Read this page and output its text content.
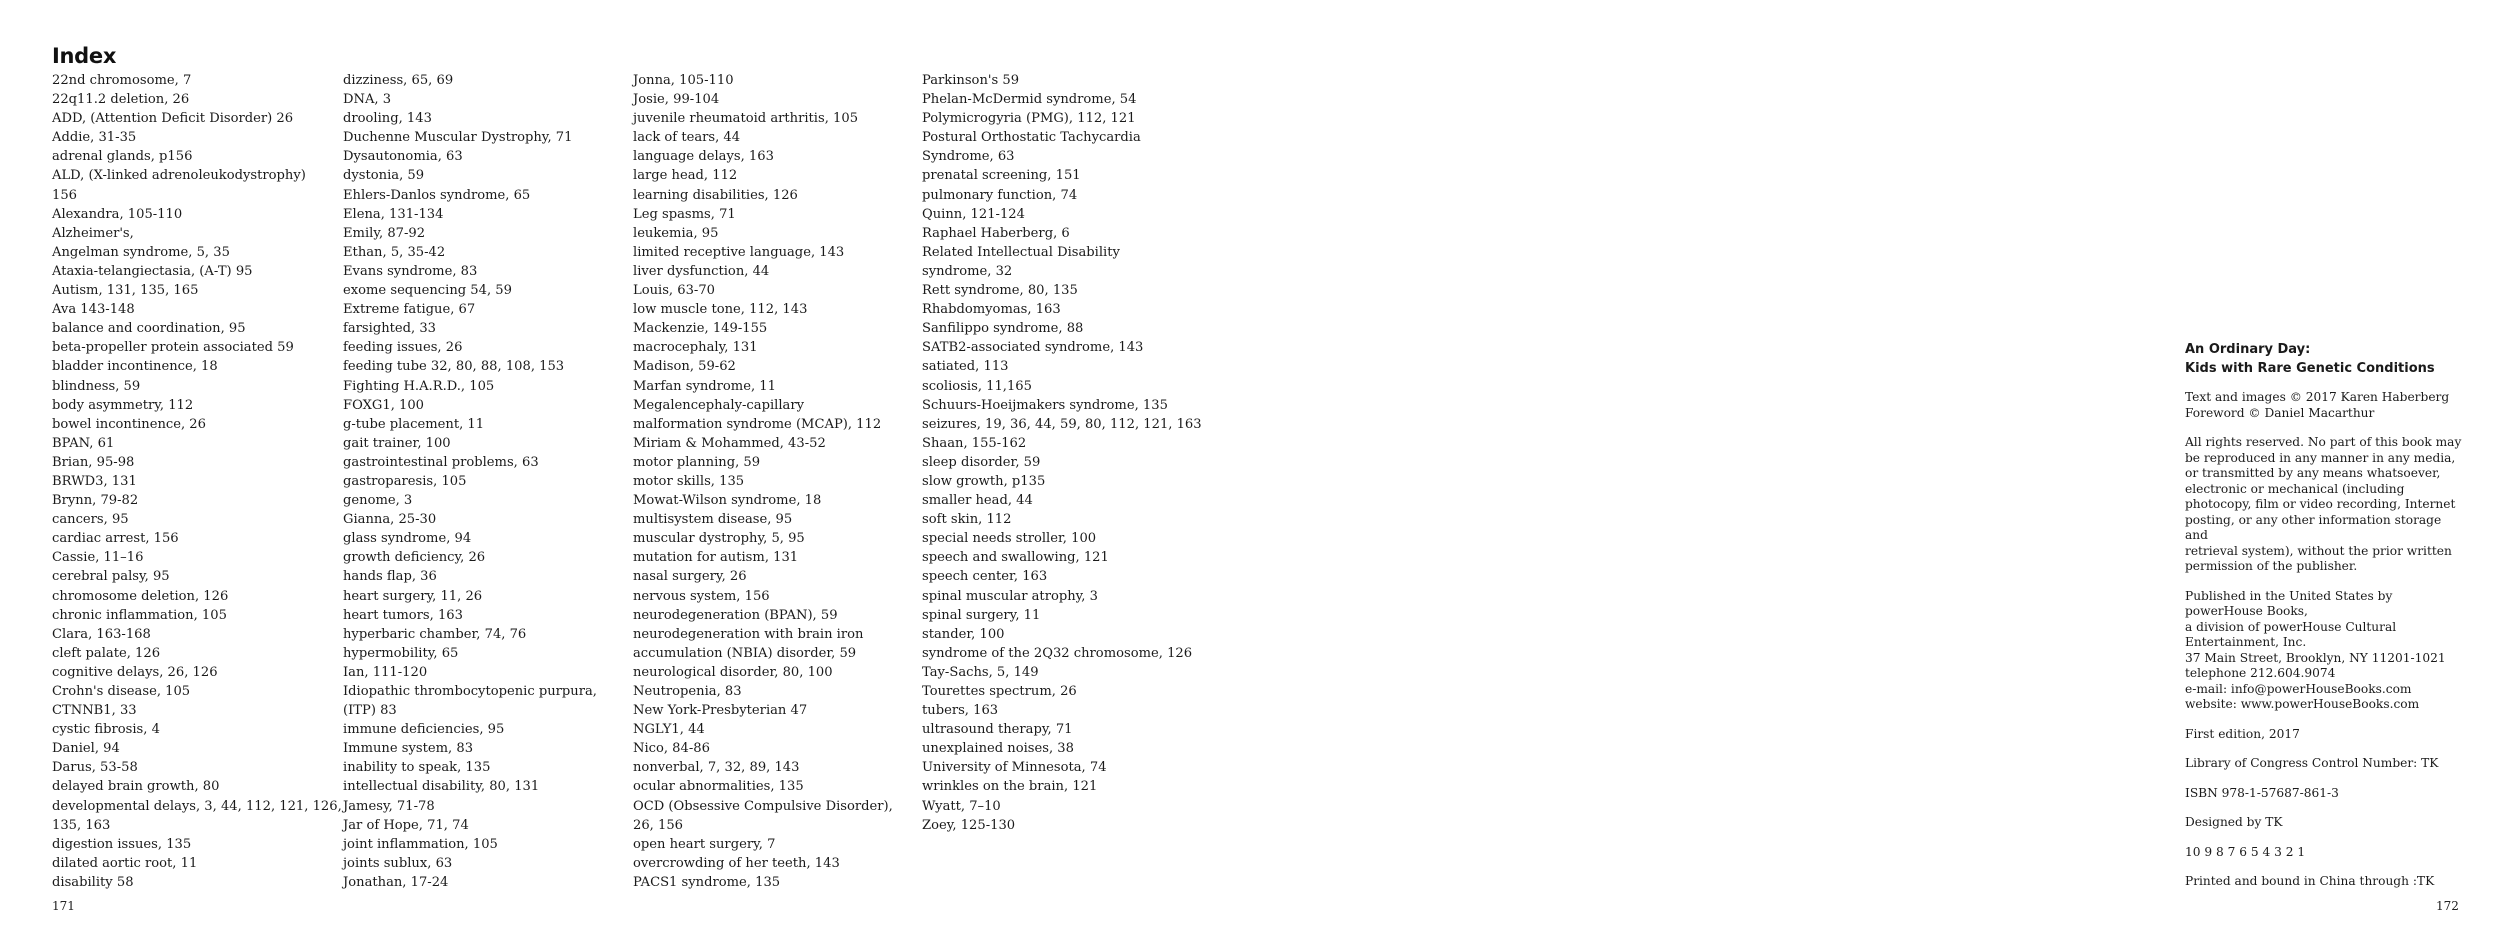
Index
22nd chromosome, 7
22q11.2 deletion, 26
ADD, (Attention Deficit Disorder) 26
Addie, 31-35
adrenal glands, p156
ALD, (X-linked adrenoleukodystrophy)
156
Alexandra, 105-110
Alzheimer's,
Angelman syndrome, 5, 35
Ataxia-telangiectasia, (A-T) 95
Autism, 131, 135, 165
Ava 143-148
balance and coordination, 95
beta-propeller protein associated 59
bladder incontinence, 18
blindness, 59
body asymmetry, 112
bowel incontinence, 26
BPAN, 61
Brian, 95-98
BRWD3, 131
Brynn, 79-82
cancers, 95
cardiac arrest, 156
Cassie, 11–16
cerebral palsy, 95
chromosome deletion, 126
chronic inflammation, 105
Clara, 163-168
cleft palate, 126
cognitive delays, 26, 126
Crohn's disease, 105
CTNNB1, 33
cystic fibrosis, 4
Daniel, 94
Darus, 53-58
delayed brain growth, 80
developmental delays, 3, 44, 112, 121, 126,
135, 163
digestion issues, 135
dilated aortic root, 11
disability 58
dizziness, 65, 69
DNA, 3
drooling, 143
Duchenne Muscular Dystrophy, 71
Dysautonomia, 63
dystonia, 59
Ehlers-Danlos syndrome, 65
Elena, 131-134
Emily, 87-92
Ethan, 5, 35-42
Evans syndrome, 83
exome sequencing 54, 59
Extreme fatigue, 67
farsighted, 33
feeding issues, 26
feeding tube 32, 80, 88, 108, 153
Fighting H.A.R.D., 105
FOXG1, 100
g-tube placement, 11
gait trainer, 100
gastrointestinal problems, 63
gastroparesis, 105
genome, 3
Gianna, 25-30
glass syndrome, 94
growth deficiency, 26
hands flap, 36
heart surgery, 11, 26
heart tumors, 163
hyperbaric chamber, 74, 76
hypermobility, 65
Ian, 111-120
Idiopathic thrombocytopenic purpura,
(ITP) 83
immune deficiencies, 95
Immune system, 83
inability to speak, 135
intellectual disability, 80, 131
Jamesy, 71-78
Jar of Hope, 71, 74
joint inflammation, 105
joints sublux, 63
Jonathan, 17-24
Jonna, 105-110
Josie, 99-104
juvenile rheumatoid arthritis, 105
lack of tears, 44
language delays, 163
large head, 112
learning disabilities, 126
Leg spasms, 71
leukemia, 95
limited receptive language, 143
liver dysfunction, 44
Louis, 63-70
low muscle tone, 112, 143
Mackenzie, 149-155
macrocephaly, 131
Madison, 59-62
Marfan syndrome, 11
Megalencephaly-capillary
malformation syndrome (MCAP), 112
Miriam & Mohammed, 43-52
motor planning, 59
motor skills, 135
Mowat-Wilson syndrome, 18
multisystem disease, 95
muscular dystrophy, 5, 95
mutation for autism, 131
nasal surgery, 26
nervous system, 156
neurodegeneration (BPAN), 59
neurodegeneration with brain iron
accumulation (NBIA) disorder, 59
neurological disorder, 80, 100
Neutropenia, 83
New York-Presbyterian 47
NGLY1, 44
Nico, 84-86
nonverbal, 7, 32, 89, 143
ocular abnormalities, 135
OCD (Obsessive Compulsive Disorder),
26, 156
open heart surgery, 7
overcrowding of her teeth, 143
PACS1 syndrome, 135
Parkinson's 59
Phelan-McDermid syndrome, 54
Polymicrogyria (PMG), 112, 121
Postural Orthostatic Tachycardia
Syndrome, 63
prenatal screening, 151
pulmonary function, 74
Quinn, 121-124
Raphael Haberberg, 6
Related Intellectual Disability
syndrome, 32
Rett syndrome, 80, 135
Rhabdomyomas, 163
Sanfilippo syndrome, 88
SATB2-associated syndrome, 143
satiated, 113
scoliosis, 11,165
Schuurs-Hoeijmakers syndrome, 135
seizures, 19, 36, 44, 59, 80, 112, 121, 163
Shaan, 155-162
sleep disorder, 59
slow growth, p135
smaller head, 44
soft skin, 112
special needs stroller, 100
speech and swallowing, 121
speech center, 163
spinal muscular atrophy, 3
spinal surgery, 11
stander, 100
syndrome of the 2Q32 chromosome, 126
Tay-Sachs, 5, 149
Tourettes spectrum, 26
tubers, 163
ultrasound therapy, 71
unexplained noises, 38
University of Minnesota, 74
wrinkles on the brain, 121
Wyatt, 7–10
Zoey, 125-130
171
An Ordinary Day:
Kids with Rare Genetic Conditions

Text and images © 2017 Karen Haberberg
Foreword © Daniel Macarthur

All rights reserved. No part of this book may
be reproduced in any manner in any media,
or transmitted by any means whatsoever,
electronic or mechanical (including
photocopy, film or video recording, Internet
posting, or any other information storage and
retrieval system), without the prior written
permission of the publisher.

Published in the United States by
powerHouse Books,
a division of powerHouse Cultural
Entertainment, Inc.
37 Main Street, Brooklyn, NY 11201-1021
telephone 212.604.9074
e-mail: info@powerHouseBooks.com
website: www.powerHouseBooks.com

First edition, 2017

Library of Congress Control Number: TK

ISBN 978-1-57687-861-3

Designed by TK

10 9 8 7 6 5 4 3 2 1

Printed and bound in China through :TK

172
